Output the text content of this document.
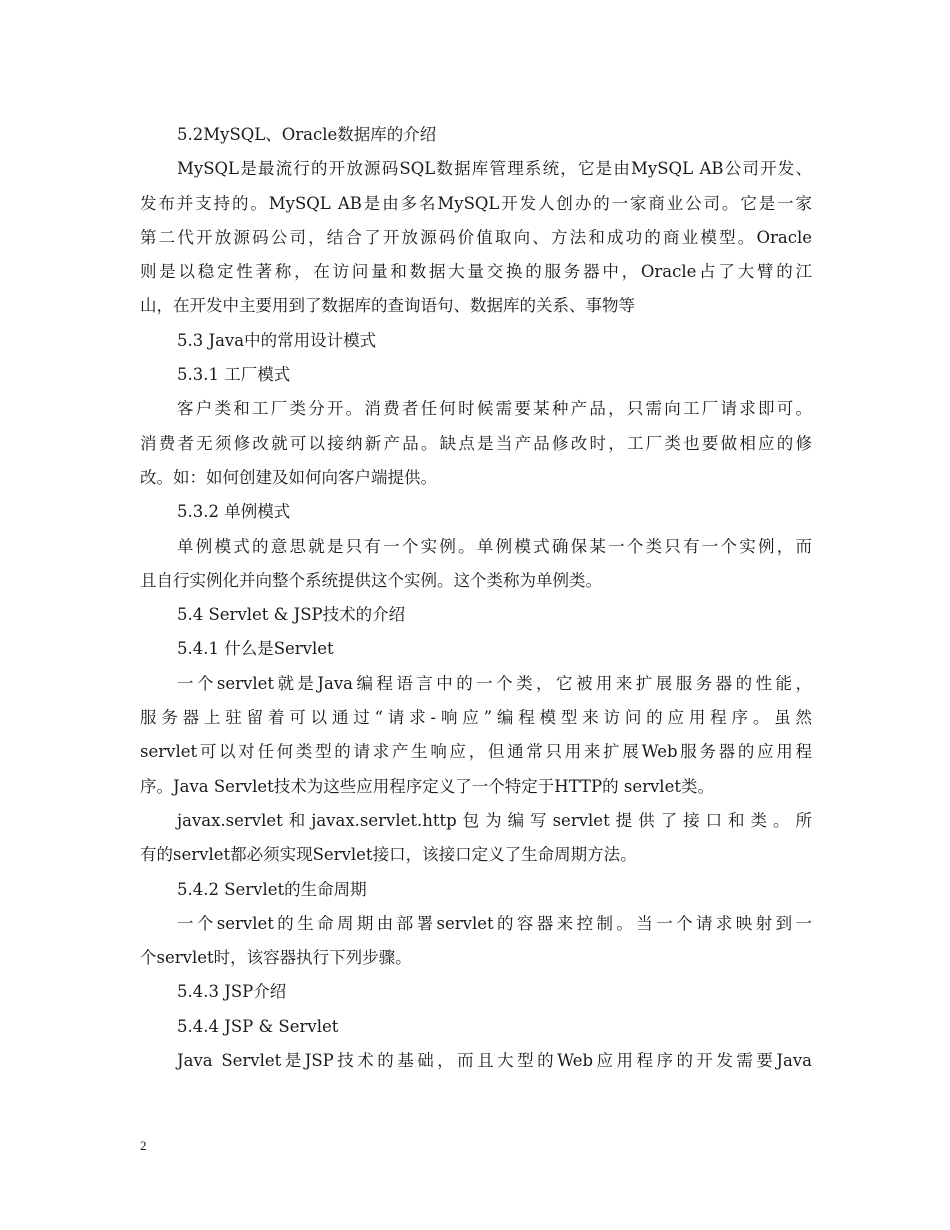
5.2MySQL、Oracle数据库的介绍
MySQL是最流行的开放源码SQL数据库管理系统，它是由MySQL AB公司开发、
发布并支持的。MySQL AB是由多名MySQL开发人创办的一家商业公司。它是一家
第二代开放源码公司，结合了开放源码价值取向、方法和成功的商业模型。Oracle
则是以稳定性著称，在访问量和数据大量交换的服务器中，Oracle占了大臂的江
山，在开发中主要用到了数据库的查询语句、数据库的关系、事物等
5.3 Java中的常用设计模式
5.3.1 工厂模式
客户类和工厂类分开。消费者任何时候需要某种产品，只需向工厂请求即可。
消费者无须修改就可以接纳新产品。缺点是当产品修改时，工厂类也要做相应的修
改。如：如何创建及如何向客户端提供。
5.3.2 单例模式
单例模式的意思就是只有一个实例。单例模式确保某一个类只有一个实例，而
且自行实例化并向整个系统提供这个实例。这个类称为单例类。
5.4 Servlet & JSP技术的介绍
5.4.1 什么是Servlet
一个servlet就是Java编程语言中的一个类，它被用来扩展服务器的性能，
服务器上驻留着可以通过“请求-响应”编程模型来访问的应用程序。虽然
servlet可以对任何类型的请求产生响应，但通常只用来扩展Web服务器的应用程
序。Java Servlet技术为这些应用程序定义了一个特定于HTTP的 servlet类。
javax.servlet和javax.servlet.http包为编写servlet提供了接口和类。所
有的servlet都必须实现Servlet接口，该接口定义了生命周期方法。
5.4.2 Servlet的生命周期
一个servlet的生命周期由部署servlet的容器来控制。当一个请求映射到一
个servlet时，该容器执行下列步骤。
5.4.3 JSP介绍
5.4.4 JSP & Servlet
Java Servlet是JSP技术的基础，而且大型的Web应用程序的开发需要Java
2
